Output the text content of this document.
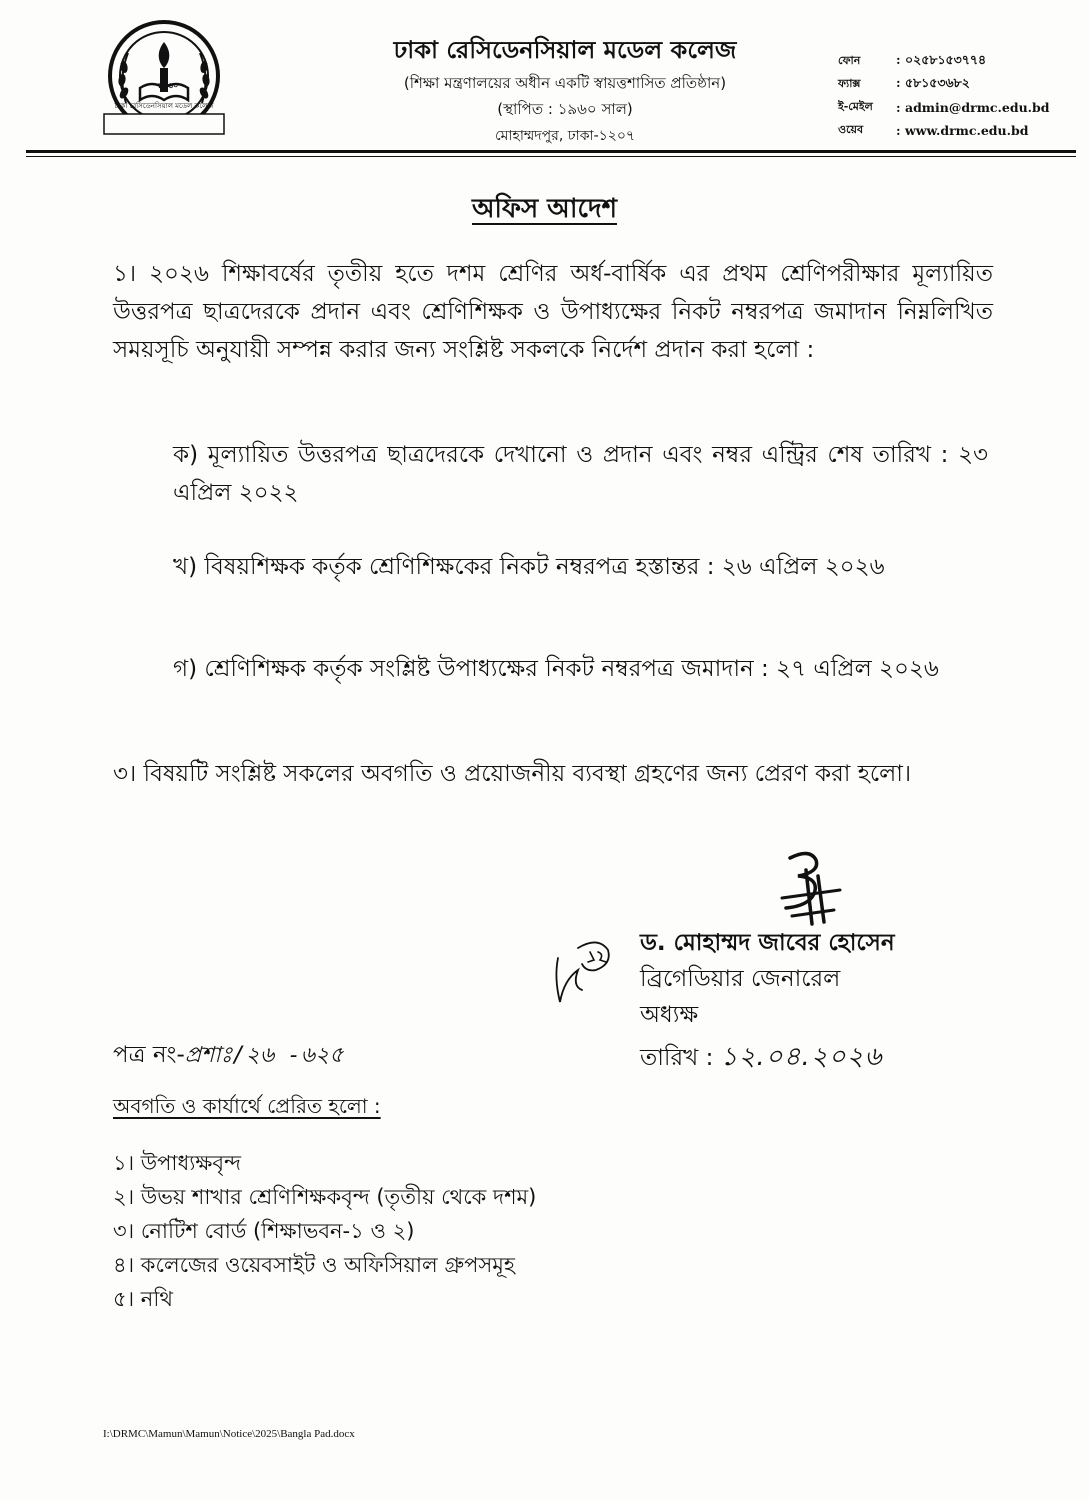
ঢাকা রেসিডেনসিয়াল মডেল কলেজ
১৯৬০
ঢাকা রেসিডেনসিয়াল মডেল কলেজ
(শিক্ষা মন্ত্রণালয়ের অধীন একটি স্বায়ত্তশাসিত প্রতিষ্ঠান)
(স্থাপিত : ১৯৬০ সাল)
মোহাম্মদপুর, ঢাকা-১২০৭
ফোন	: ০২৫৮১৫৩৭৭৪
ফ্যাক্স	: ৫৮১৫৩৬৮২
ই-মেইল	: admin@drmc.edu.bd
ওয়েব	: www.drmc.edu.bd
অফিস আদেশ
১। ২০২৬ শিক্ষাবর্ষের তৃতীয় হতে দশম শ্রেণির অর্ধ-বার্ষিক এর প্রথম শ্রেণিপরীক্ষার মূল্যায়িত উত্তরপত্র ছাত্রদেরকে প্রদান এবং শ্রেণিশিক্ষক ও উপাধ্যক্ষের নিকট নম্বরপত্র জমাদান নিম্নলিখিত সময়সূচি অনুযায়ী সম্পন্ন করার জন্য সংশ্লিষ্ট সকলকে নির্দেশ প্রদান করা হলো :
ক) মূল্যায়িত উত্তরপত্র ছাত্রদেরকে দেখানো ও প্রদান এবং নম্বর এন্ট্রির শেষ তারিখ : ২৩ এপ্রিল ২০২২
খ) বিষয়শিক্ষক কর্তৃক শ্রেণিশিক্ষকের নিকট নম্বরপত্র হস্তান্তর : ২৬ এপ্রিল ২০২৬
গ) শ্রেণিশিক্ষক কর্তৃক সংশ্লিষ্ট উপাধ্যক্ষের নিকট নম্বরপত্র জমাদান : ২৭ এপ্রিল ২০২৬
৩। বিষয়টি সংশ্লিষ্ট সকলের অবগতি ও প্রয়োজনীয় ব্যবস্থা গ্রহণের জন্য প্রেরণ করা হলো।
ড. মোহাম্মদ জাবের হোসেন
ব্রিগেডিয়ার জেনারেল
অধ্যক্ষ
পত্র নং-প্রশাঃ/২৬ -৬২৫	তারিখ : ১২.০৪.২০২৬
অবগতি ও কার্যার্থে প্রেরিত হলো :
১। উপাধ্যক্ষবৃন্দ
২। উভয় শাখার শ্রেণিশিক্ষকবৃন্দ (তৃতীয় থেকে দশম)
৩। নোটিশ বোর্ড (শিক্ষাভবন-১ ও ২)
৪। কলেজের ওয়েবসাইট ও অফিসিয়াল গ্রুপসমূহ
৫। নথি
I:\DRMC\Mamun\Mamun\Notice\2025\Bangla Pad.docx
